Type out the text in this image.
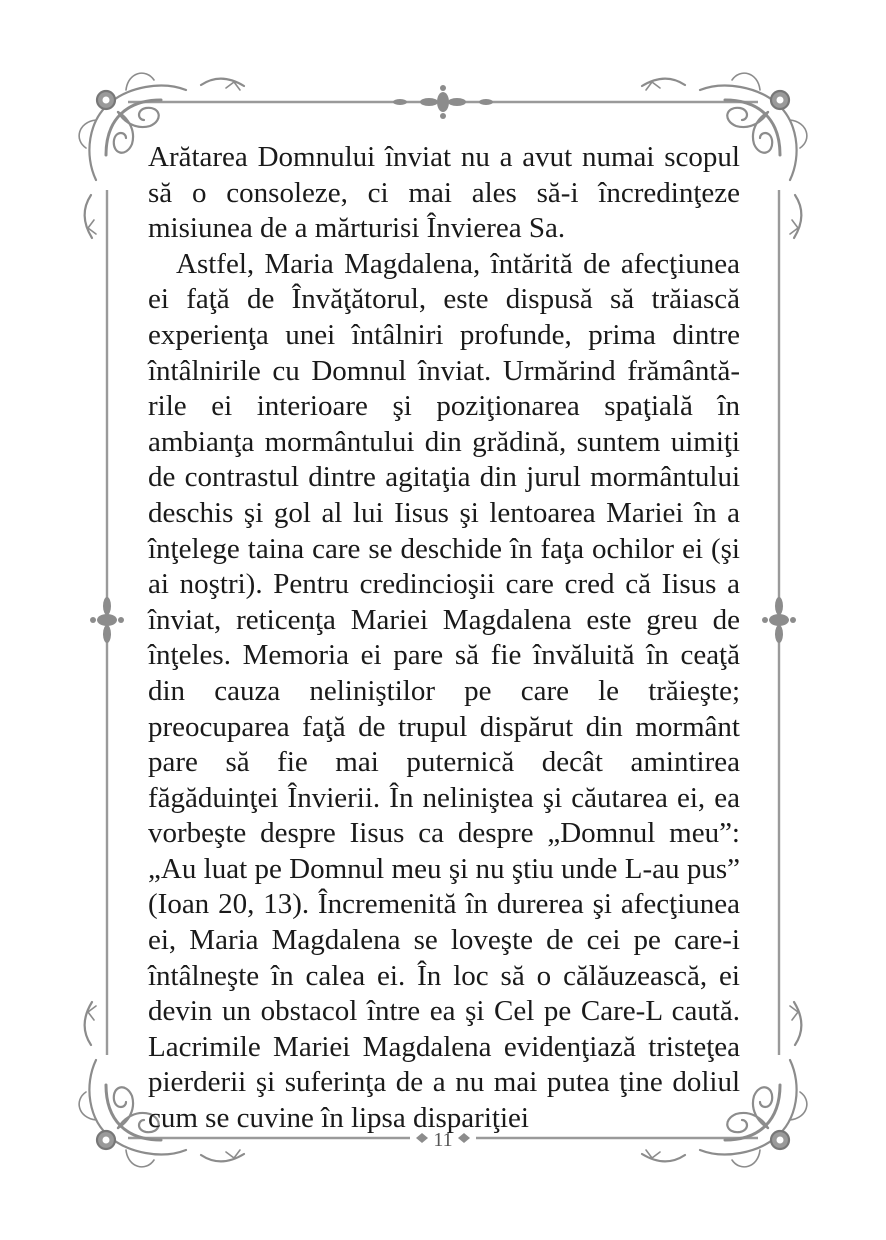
Arătarea Domnului înviat nu a avut numai scopul să o consoleze, ci mai ales să-i încredinţeze misiunea de a mărturisi Învierea Sa.

Astfel, Maria Magdalena, întărită de afecţiunea ei faţă de Învăţătorul, este dispusă să trăiască experienţa unei întâlniri profunde, prima dintre întâlnirile cu Domnul înviat. Urmărind frământările ei interioare şi poziţionarea spaţială în ambianţa mormântului din grădină, suntem uimiţi de contrastul dintre agitaţia din jurul mormântului deschis şi gol al lui Iisus şi lentoarea Mariei în a înţelege taina care se deschide în faţa ochilor ei (şi ai noştri). Pentru credincioşii care cred că Iisus a înviat, reticenţa Mariei Magdalena este greu de înţeles. Memoria ei pare să fie învăluită în ceaţă din cauza neliniştilor pe care le trăieşte; preocuparea faţă de trupul dispărut din mormânt pare să fie mai puternică decât amintirea făgăduinţei Învierii. În neliniştea şi căutarea ei, ea vorbeşte despre Iisus ca despre „Domnul meu”: „Au luat pe Domnul meu şi nu ştiu unde L-au pus” (Ioan 20, 13). Încremenită în durerea şi afecţiunea ei, Maria Magdalena se loveşte de cei pe care-i întâlneşte în calea ei. În loc să o călăuzească, ei devin un obstacol între ea şi Cel pe Care-L caută. Lacrimile Mariei Magdalena evidenţiază tristeţea pierderii şi suferinţa de a nu mai putea ţine doliul cum se cuvine în lipsa dispariţiei

11
